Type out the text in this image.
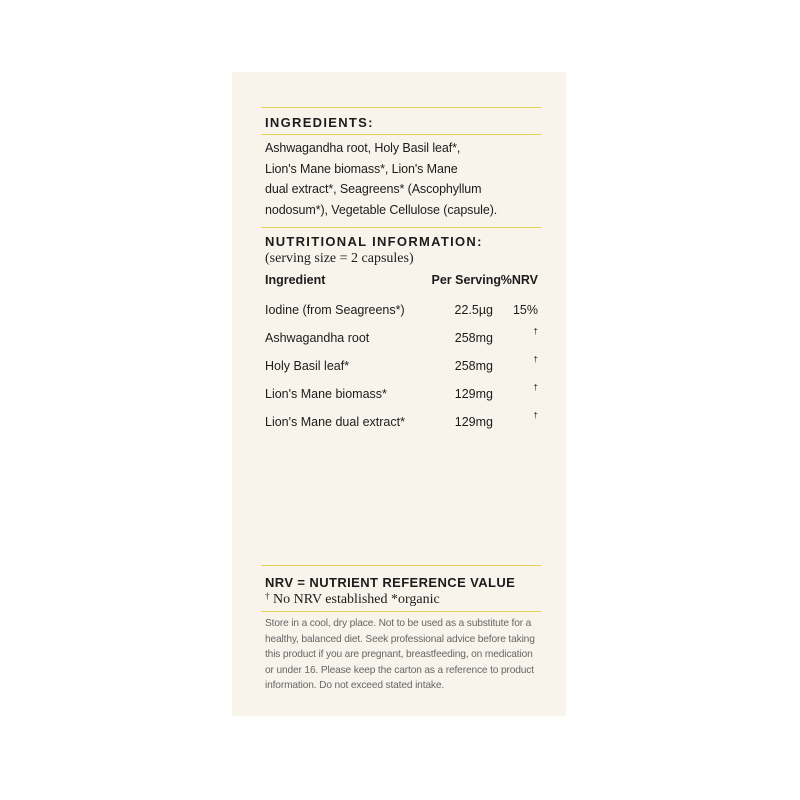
INGREDIENTS:
Ashwagandha root, Holy Basil leaf*,
Lion's Mane biomass*, Lion's Mane
dual extract*, Seagreens* (Ascophyllum
nodosum*), Vegetable Cellulose (capsule).
NUTRITIONAL INFORMATION:
(serving size = 2 capsules)
Ingredient	Per Serving %NRV
Iodine (from Seagreens*)	22.5µg	15%
Ashwagandha root	258mg	†
Holy Basil leaf*	258mg	†
Lion's Mane biomass*	129mg	†
Lion's Mane dual extract*	129mg	†
NRV = NUTRIENT REFERENCE VALUE
† No NRV established *organic
Store in a cool, dry place. Not to be used as a substitute for a
healthy, balanced diet. Seek professional advice before taking
this product if you are pregnant, breastfeeding, on medication
or under 16. Please keep the carton as a reference to product
information. Do not exceed stated intake.
